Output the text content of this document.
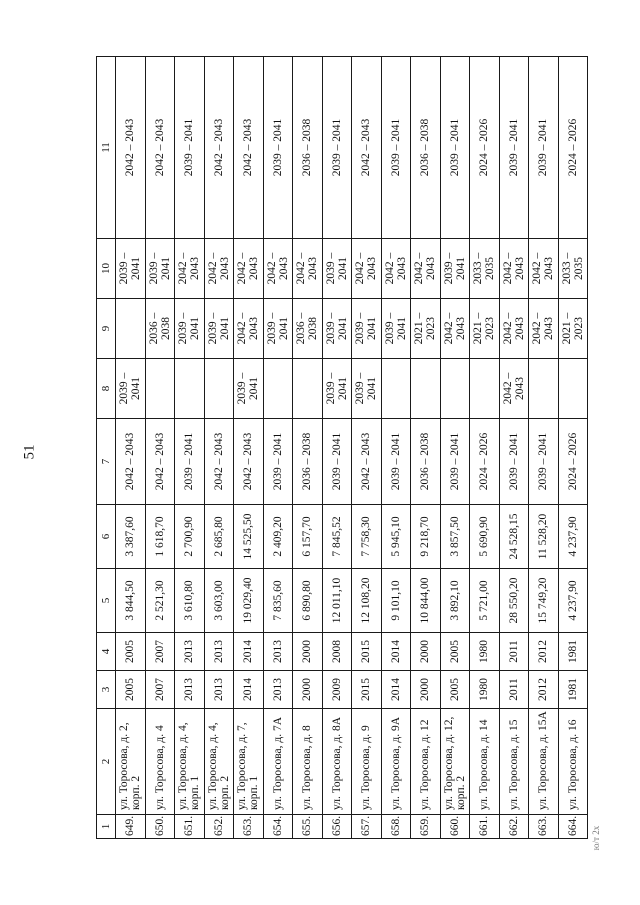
51
1	2	3	4	5	6	7	8	9	10	11
649.	ул. Торосова, д. 2, корп. 2	2005	2005	3 844,50	3 387,60	2042 – 2043	2039 – 2041		2039 – 2041	2042 – 2043
650.	ул. Торосова, д. 4	2007	2007	2 521,30	1 618,70	2042 – 2043		2036 – 2038	2039 – 2041	2042 – 2043
651.	ул. Торосова, д. 4, корп. 1	2013	2013	3 610,80	2 700,90	2039 – 2041		2039 – 2041	2042 – 2043	2039 – 2041
652.	ул. Торосова, д. 4, корп. 2	2013	2013	3 603,00	2 685,80	2042 – 2043		2039 – 2041	2042 – 2043	2042 – 2043
653.	ул. Торосова, д. 7, корп. 1	2014	2014	19 029,40	14 525,50	2042 – 2043	2039 – 2041	2042 – 2043	2042 – 2043	2042 – 2043
654.	ул. Торосова, д. 7А	2013	2013	7 835,60	2 409,20	2039 – 2041		2039 – 2041	2042 – 2043	2039 – 2041
655.	ул. Торосова, д. 8	2000	2000	6 890,80	6 157,70	2036 – 2038		2036 – 2038	2042 – 2043	2036 – 2038
656.	ул. Торосова, д. 8А	2009	2008	12 011,10	7 845,52	2039 – 2041	2039 – 2041	2039 – 2041	2039 – 2041	2039 – 2041
657.	ул. Торосова, д. 9	2015	2015	12 108,20	7 758,30	2042 – 2043	2039 – 2041	2039 – 2041	2042 – 2043	2042 – 2043
658.	ул. Торосова, д. 9А	2014	2014	9 101,10	5 945,10	2039 – 2041		2039 – 2041	2042 – 2043	2039 – 2041
659.	ул. Торосова, д. 12	2000	2000	10 844,00	9 218,70	2036 – 2038		2021 – 2023	2042 – 2043	2036 – 2038
660.	ул. Торосова, д. 12, корп. 2	2005	2005	3 892,10	3 857,50	2039 – 2041		2042 – 2043	2039 – 2041	2039 – 2041
661.	ул. Торосова, д. 14	1980	1980	5 721,00	5 690,90	2024 – 2026		2021 – 2023	2033 – 2035	2024 – 2026
662.	ул. Торосова, д. 15	2011	2011	28 550,20	24 528,15	2039 – 2041	2042 – 2043	2042 – 2043	2042 – 2043	2039 – 2041
663.	ул. Торосова, д. 15А	2012	2012	15 749,20	11 528,20	2039 – 2041		2042 – 2043	2042 – 2043	2039 – 2041
664.	ул. Торосова, д. 16	1981	1981	4 237,90	4 237,90	2024 – 2026		2021 – 2023	2033 – 2035	2024 – 2026
ю/т 2х
